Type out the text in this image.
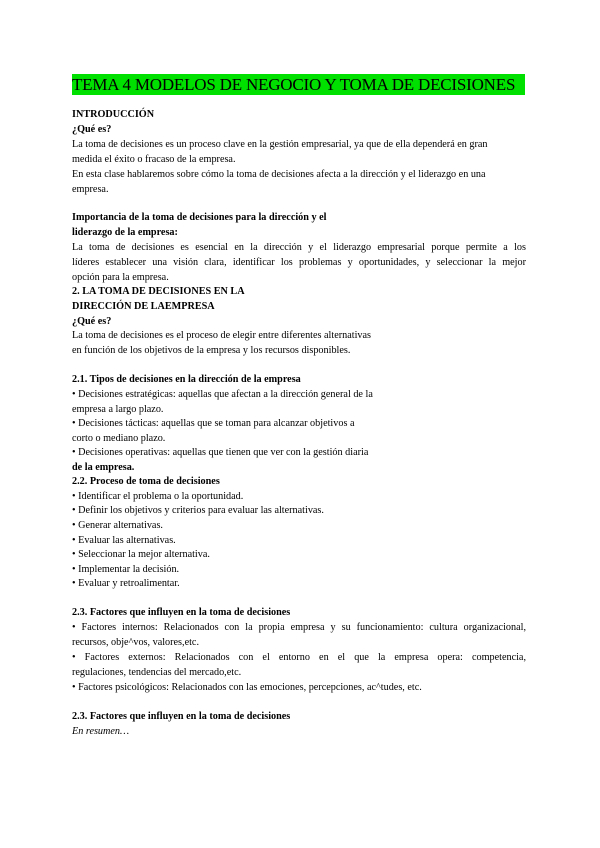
TEMA 4 MODELOS DE NEGOCIO Y TOMA DE DECISIONES
INTRODUCCIÓN
¿Qué es?
La toma de decisiones es un proceso clave en la gestión empresarial, ya que de ella dependerá en gran
medida el éxito o fracaso de la empresa.
En esta clase hablaremos sobre cómo la toma de decisiones afecta a la dirección y el liderazgo en una
empresa.
Importancia de la toma de decisiones para la dirección y el
liderazgo de la empresa:
La toma de decisiones es esencial en la dirección y el liderazgo empresarial porque permite a los
líderes establecer una visión clara, identificar los problemas y oportunidades, y seleccionar la mejor
opción para la empresa.
2. LA TOMA DE DECISIONES EN LA
DIRECCIÓN DE LAEMPRESA
¿Qué es?
La toma de decisiones es el proceso de elegir entre diferentes alternativas
en función de los objetivos de la empresa y los recursos disponibles.
2.1. Tipos de decisiones en la dirección de la empresa
• Decisiones estratégicas: aquellas que afectan a la dirección general de la
empresa a largo plazo.
• Decisiones tácticas: aquellas que se toman para alcanzar objetivos a
corto o mediano plazo.
• Decisiones operativas: aquellas que tienen que ver con la gestión diaria
de la empresa.
2.2. Proceso de toma de decisiones
• Identificar el problema o la oportunidad.
• Definir los objetivos y criterios para evaluar las alternativas.
• Generar alternativas.
• Evaluar las alternativas.
• Seleccionar la mejor alternativa.
• Implementar la decisión.
• Evaluar y retroalimentar.
2.3. Factores que influyen en la toma de decisiones
• Factores internos: Relacionados con la propia empresa y su funcionamiento: cultura organizacional,
recursos, obje^vos, valores,etc.
• Factores externos: Relacionados con el entorno en el que la empresa opera: competencia,
regulaciones, tendencias del mercado,etc.
• Factores psicológicos: Relacionados con las emociones, percepciones, ac^tudes, etc.
2.3. Factores que influyen en la toma de decisiones
En resumen…
